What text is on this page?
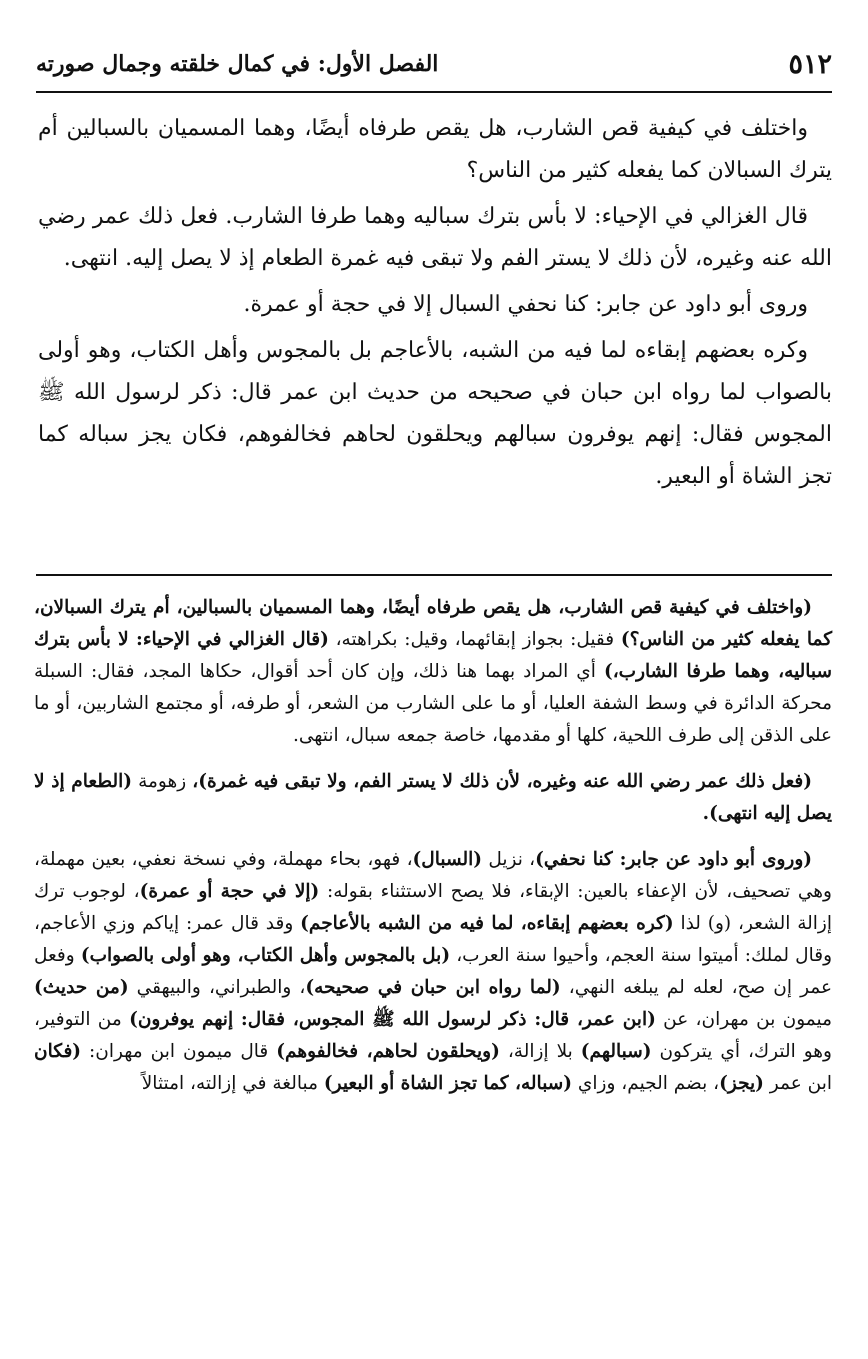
٥١٢
الفصل الأول: في كمال خلقته وجمال صورته

واختلف في كيفية قص الشارب، هل يقص طرفاه أيضًا، وهما المسميان بالسبالين أم يترك السبالان كما يفعله كثير من الناس؟

قال الغزالي في الإحياء: لا بأس بترك سباليه وهما طرفا الشارب. فعل ذلك عمر رضي الله عنه وغيره، لأن ذلك لا يستر الفم ولا تبقى فيه غمرة الطعام إذ لا يصل إليه. انتهى.

وروى أبو داود عن جابر: كنا نحفي السبال إلا في حجة أو عمرة.

وكره بعضهم إبقاءه لما فيه من الشبه، بالأعاجم بل بالمجوس وأهل الكتاب، وهو أولى بالصواب لما رواه ابن حبان في صحيحه من حديث ابن عمر قال: ذكر لرسول الله ﷺ المجوس فقال: إنهم يوفرون سبالهم ويحلقون لحاهم فخالفوهم، فكان يجز سباله كما تجز الشاة أو البعير.

(واختلف في كيفية قص الشارب، هل يقص طرفاه أيضًا، وهما المسميان بالسبالين، أم يترك السبالان، كما يفعله كثير من الناس؟) فقيل: بجواز إبقائهما، وقيل: بكراهته، (قال الغزالي في الإحياء: لا بأس بترك سباليه، وهما طرفا الشارب،) أي المراد بهما هنا ذلك، وإن كان أحد أقوال، حكاها المجد، فقال: السبلة محركة الدائرة في وسط الشفة العليا، أو ما على الشارب من الشعر، أو طرفه، أو مجتمع الشاربين، أو ما على الذقن إلى طرف اللحية، كلها أو مقدمها، خاصة جمعه سبال، انتهى.

(فعل ذلك عمر رضي الله عنه وغيره، لأن ذلك لا يستر الفم، ولا تبقى فيه غمرة)، زهومة (الطعام إذ لا يصل إليه انتهى).

(وروى أبو داود عن جابر: كنا نحفي)، نزيل (السبال)، فهو، بحاء مهملة، وفي نسخة نعفي، بعين مهملة، وهي تصحيف، لأن الإعفاء بالعين: الإبقاء، فلا يصح الاستثناء بقوله: (إلا في حجة أو عمرة)، لوجوب ترك إزالة الشعر، (و) لذا (كره بعضهم إبقاءه، لما فيه من الشبه بالأعاجم) وقد قال عمر: إياكم وزي الأعاجم، وقال لملك: أميتوا سنة العجم، وأحيوا سنة العرب، (بل بالمجوس وأهل الكتاب، وهو أولى بالصواب) وفعل عمر إن صح، لعله لم يبلغه النهي، (لما رواه ابن حبان في صحيحه)، والطبراني، والبيهقي (من حديث) ميمون بن مهران، عن (ابن عمر، قال: ذكر لرسول الله ﷺ المجوس، فقال: إنهم يوفرون) من التوفير، وهو الترك، أي يتركون (سبالهم) بلا إزالة، (ويحلقون لحاهم، فخالفوهم) قال ميمون ابن مهران: (فكان ابن عمر (يجز)، بضم الجيم، وزاي (سباله، كما تجز الشاة أو البعير) مبالغة في إزالته، امتثالاً
